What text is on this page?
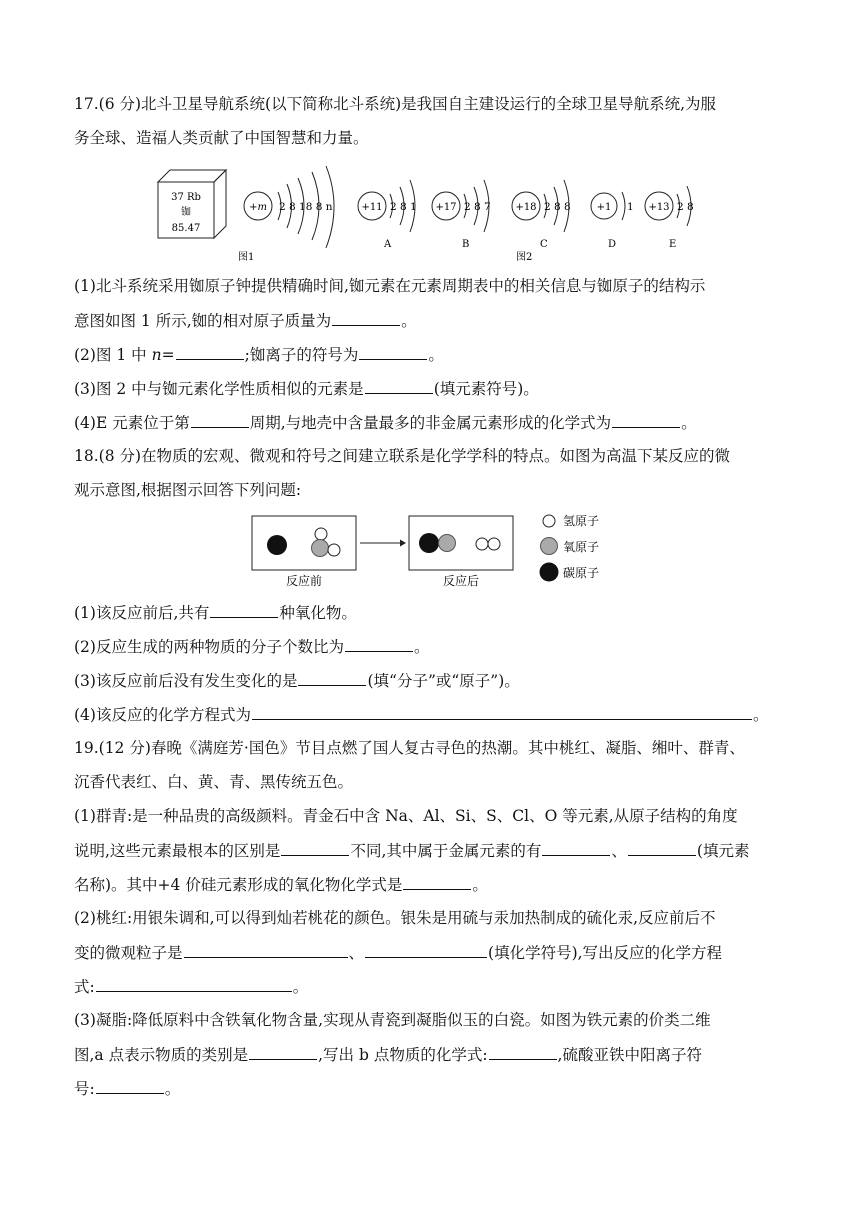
17.(6 分)北斗卫星导航系统(以下简称北斗系统)是我国自主建设运行的全球卫星导航系统,为服
务全球、造福人类贡献了中国智慧和力量。
37 Rb
铷
85.47
+m 2 8 18 8 n
图1
+11 2 8 1
A
+17 2 8 7
B
+18 2 8 8
C
图2
+1 1
D
+13 2 8
E
(1)北斗系统采用铷原子钟提供精确时间,铷元素在元素周期表中的相关信息与铷原子的结构示
意图如图 1 所示,铷的相对原子质量为	。
(2)图 1 中 n=	;铷离子的符号为	。
(3)图 2 中与铷元素化学性质相似的元素是	(填元素符号)。
(4)E 元素位于第	周期,与地壳中含量最多的非金属元素形成的化学式为	。
18.(8 分)在物质的宏观、微观和符号之间建立联系是化学学科的特点。如图为高温下某反应的微
观示意图,根据图示回答下列问题:
反应前	反应后
氢原子
氧原子
碳原子
(1)该反应前后,共有	种氧化物。
(2)反应生成的两种物质的分子个数比为	。
(3)该反应前后没有发生变化的是	(填“分子”或“原子”)。
(4)该反应的化学方程式为	。
19.(12 分)春晚《满庭芳·国色》节目点燃了国人复古寻色的热潮。其中桃红、凝脂、缃叶、群青、
沉香代表红、白、黄、青、黑传统五色。
(1)群青:是一种品贵的高级颜料。青金石中含 Na、Al、Si、S、Cl、O 等元素,从原子结构的角度
说明,这些元素最根本的区别是	不同,其中属于金属元素的有	、	(填元素
名称)。其中+4 价硅元素形成的氧化物化学式是	。
(2)桃红:用银朱调和,可以得到灿若桃花的颜色。银朱是用硫与汞加热制成的硫化汞,反应前后不
变的微观粒子是	、	(填化学符号),写出反应的化学方程
式:	。
(3)凝脂:降低原料中含铁氧化物含量,实现从青瓷到凝脂似玉的白瓷。如图为铁元素的价类二维
图,a 点表示物质的类别是	,写出 b 点物质的化学式:	,硫酸亚铁中阳离子符
号:	。
